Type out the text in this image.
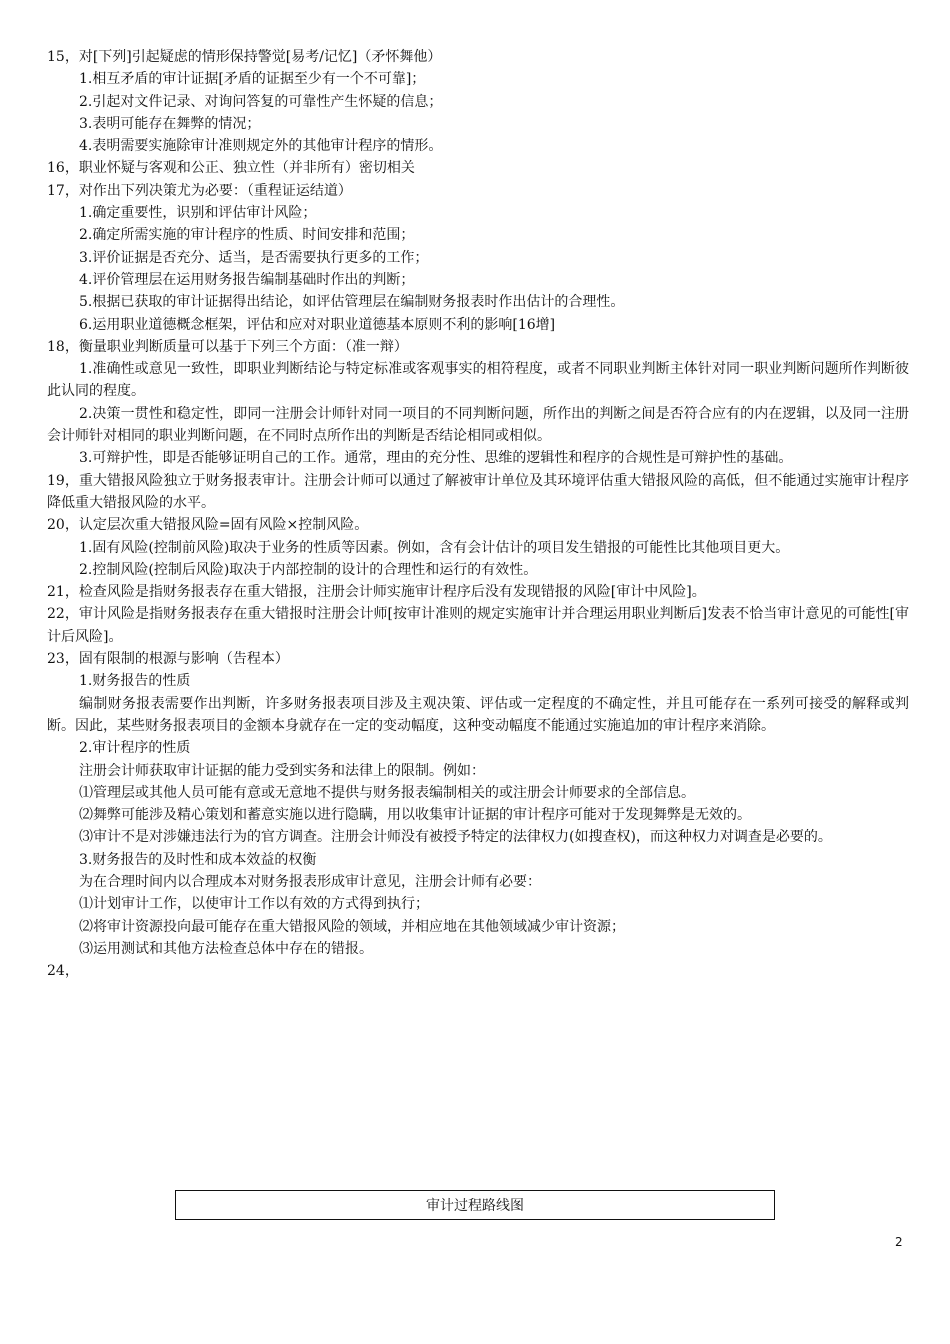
15，对[下列]引起疑虑的情形保持警觉[易考/记忆]（矛怀舞他）

1.相互矛盾的审计证据[矛盾的证据至少有一个不可靠]；

2.引起对文件记录、对询问答复的可靠性产生怀疑的信息；

3.表明可能存在舞弊的情况；

4.表明需要实施除审计准则规定外的其他审计程序的情形。

16，职业怀疑与客观和公正、独立性（并非所有）密切相关

17，对作出下列决策尤为必要：（重程证运结道）

1.确定重要性，识别和评估审计风险；

2.确定所需实施的审计程序的性质、时间安排和范围；

3.评价证据是否充分、适当，是否需要执行更多的工作；

4.评价管理层在运用财务报告编制基础时作出的判断；

5.根据已获取的审计证据得出结论，如评估管理层在编制财务报表时作出估计的合理性。

6.运用职业道德概念框架，评估和应对对职业道德基本原则不利的影响[16增]

18，衡量职业判断质量可以基于下列三个方面：（准一辩）

1.准确性或意见一致性，即职业判断结论与特定标准或客观事实的相符程度，或者不同职业判断主体针对同一职业判断问题所作判断彼此认同的程度。

2.决策一贯性和稳定性，即同一注册会计师针对同一项目的不同判断问题，所作出的判断之间是否符合应有的内在逻辑，以及同一注册会计师针对相同的职业判断问题，在不同时点所作出的判断是否结论相同或相似。

3.可辩护性，即是否能够证明自己的工作。通常，理由的充分性、思维的逻辑性和程序的合规性是可辩护性的基础。

19，重大错报风险独立于财务报表审计。注册会计师可以通过了解被审计单位及其环境评估重大错报风险的高低，但不能通过实施审计程序降低重大错报风险的水平。

20，认定层次重大错报风险=固有风险×控制风险。

1.固有风险(控制前风险)取决于业务的性质等因素。例如，含有会计估计的项目发生错报的可能性比其他项目更大。

2.控制风险(控制后风险)取决于内部控制的设计的合理性和运行的有效性。

21，检查风险是指财务报表存在重大错报，注册会计师实施审计程序后没有发现错报的风险[审计中风险]。

22，审计风险是指财务报表存在重大错报时注册会计师[按审计准则的规定实施审计并合理运用职业判断后]发表不恰当审计意见的可能性[审计后风险]。

23，固有限制的根源与影响（告程本）

1.财务报告的性质

编制财务报表需要作出判断，许多财务报表项目涉及主观决策、评估或一定程度的不确定性，并且可能存在一系列可接受的解释或判断。因此，某些财务报表项目的金额本身就存在一定的变动幅度，这种变动幅度不能通过实施追加的审计程序来消除。

2.审计程序的性质

注册会计师获取审计证据的能力受到实务和法律上的限制。例如：

⑴管理层或其他人员可能有意或无意地不提供与财务报表编制相关的或注册会计师要求的全部信息。

⑵舞弊可能涉及精心策划和蓄意实施以进行隐瞒，用以收集审计证据的审计程序可能对于发现舞弊是无效的。

⑶审计不是对涉嫌违法行为的官方调查。注册会计师没有被授予特定的法律权力(如搜查权)，而这种权力对调查是必要的。

3.财务报告的及时性和成本效益的权衡

为在合理时间内以合理成本对财务报表形成审计意见，注册会计师有必要：

⑴计划审计工作，以使审计工作以有效的方式得到执行；

⑵将审计资源投向最可能存在重大错报风险的领域，并相应地在其他领域减少审计资源；

⑶运用测试和其他方法检查总体中存在的错报。

24，

审计过程路线图
2
